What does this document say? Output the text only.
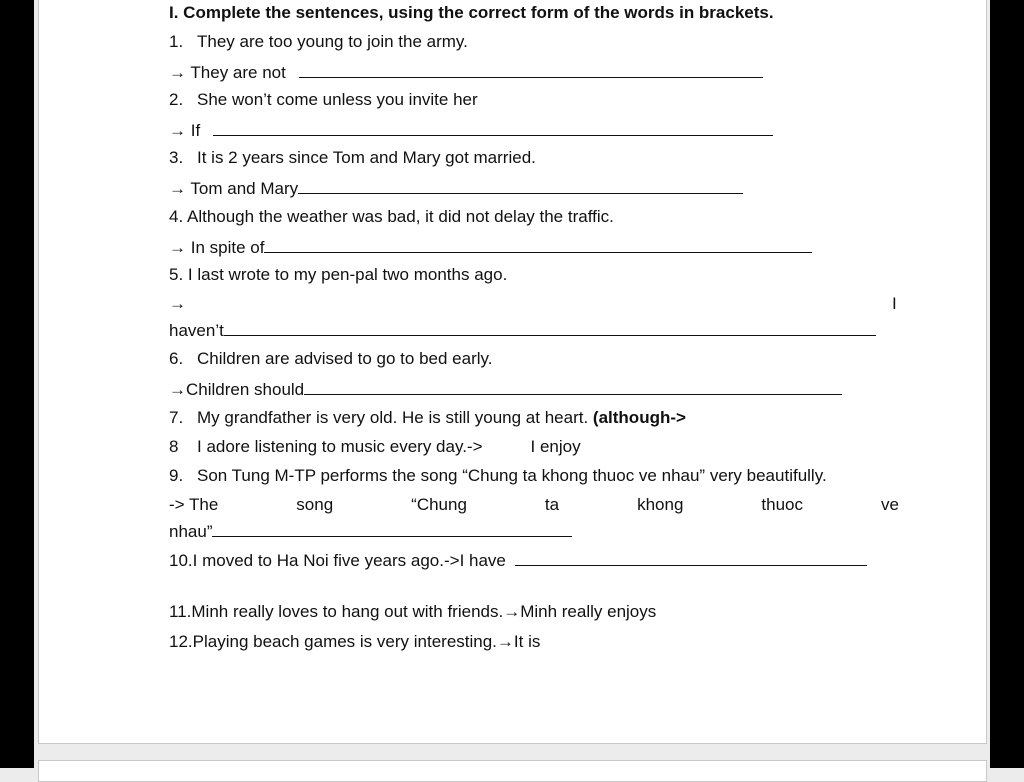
I. Complete the sentences, using the correct form of the words in brackets.
1. They are too young to join the army.
→ They are not
2. She won’t come unless you invite her
→ If
3. It is 2 years since Tom and Mary got married.
→ Tom and Mary
4. Although the weather was bad, it did not delay the traffic.
→ In spite of
5. I last wrote to my pen-pal two months ago.
→	I
haven’t
6. Children are advised to go to bed early.
→Children should
7. My grandfather is very old. He is still young at heart. (although->
8 I adore listening to music every day.->	I enjoy
9. Son Tung M-TP performs the song “Chung ta khong thuoc ve nhau” very beautifully.
-> The	song	“Chung	ta	khong	thuoc	ve
nhau”
10.I moved to Ha Noi five years ago.->I have
11.Minh really loves to hang out with friends.→Minh really enjoys
12.Playing beach games is very interesting.→It is
